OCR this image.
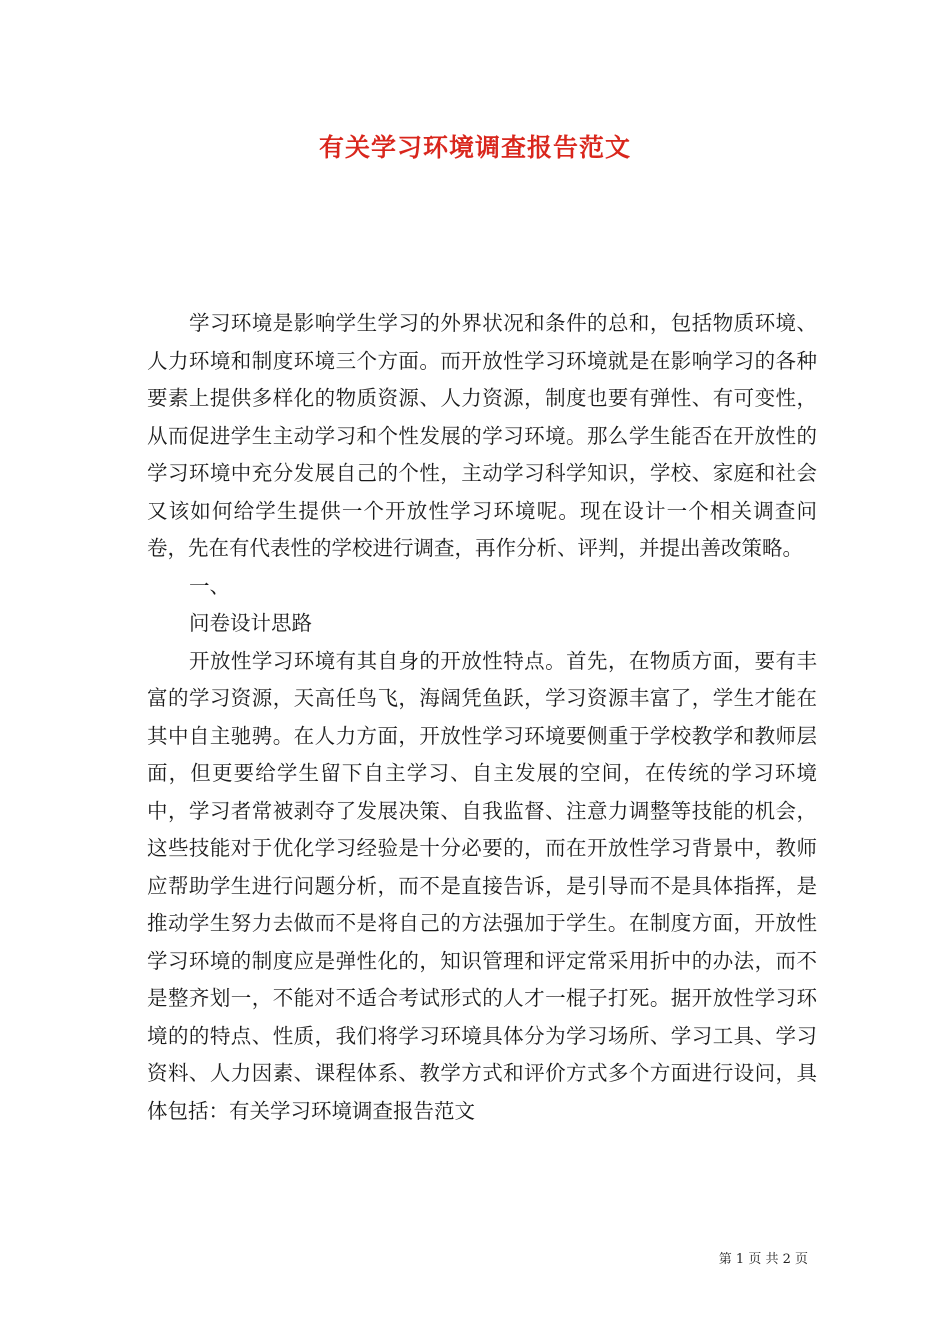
有关学习环境调查报告范文

学习环境是影响学生学习的外界状况和条件的总和，包括物质环境、人力环境和制度环境三个方面。而开放性学习环境就是在影响学习的各种要素上提供多样化的物质资源、人力资源，制度也要有弹性、有可变性，从而促进学生主动学习和个性发展的学习环境。那么学生能否在开放性的学习环境中充分发展自己的个性，主动学习科学知识，学校、家庭和社会又该如何给学生提供一个开放性学习环境呢。现在设计一个相关调查问卷，先在有代表性的学校进行调查，再作分析、评判，并提出善改策略。

一、

问卷设计思路

开放性学习环境有其自身的开放性特点。首先，在物质方面，要有丰富的学习资源，天高任鸟飞，海阔凭鱼跃，学习资源丰富了，学生才能在其中自主驰骋。在人力方面，开放性学习环境要侧重于学校教学和教师层面，但更要给学生留下自主学习、自主发展的空间，在传统的学习环境中，学习者常被剥夺了发展决策、自我监督、注意力调整等技能的机会，这些技能对于优化学习经验是十分必要的，而在开放性学习背景中，教师应帮助学生进行问题分析，而不是直接告诉，是引导而不是具体指挥，是推动学生努力去做而不是将自己的方法强加于学生。在制度方面，开放性学习环境的制度应是弹性化的，知识管理和评定常采用折中的办法，而不是整齐划一，不能对不适合考试形式的人才一棍子打死。据开放性学习环境的的特点、性质，我们将学习环境具体分为学习场所、学习工具、学习资料、人力因素、课程体系、教学方式和评价方式多个方面进行设问，具体包括：有关学习环境调查报告范文

第 1 页 共 2 页
